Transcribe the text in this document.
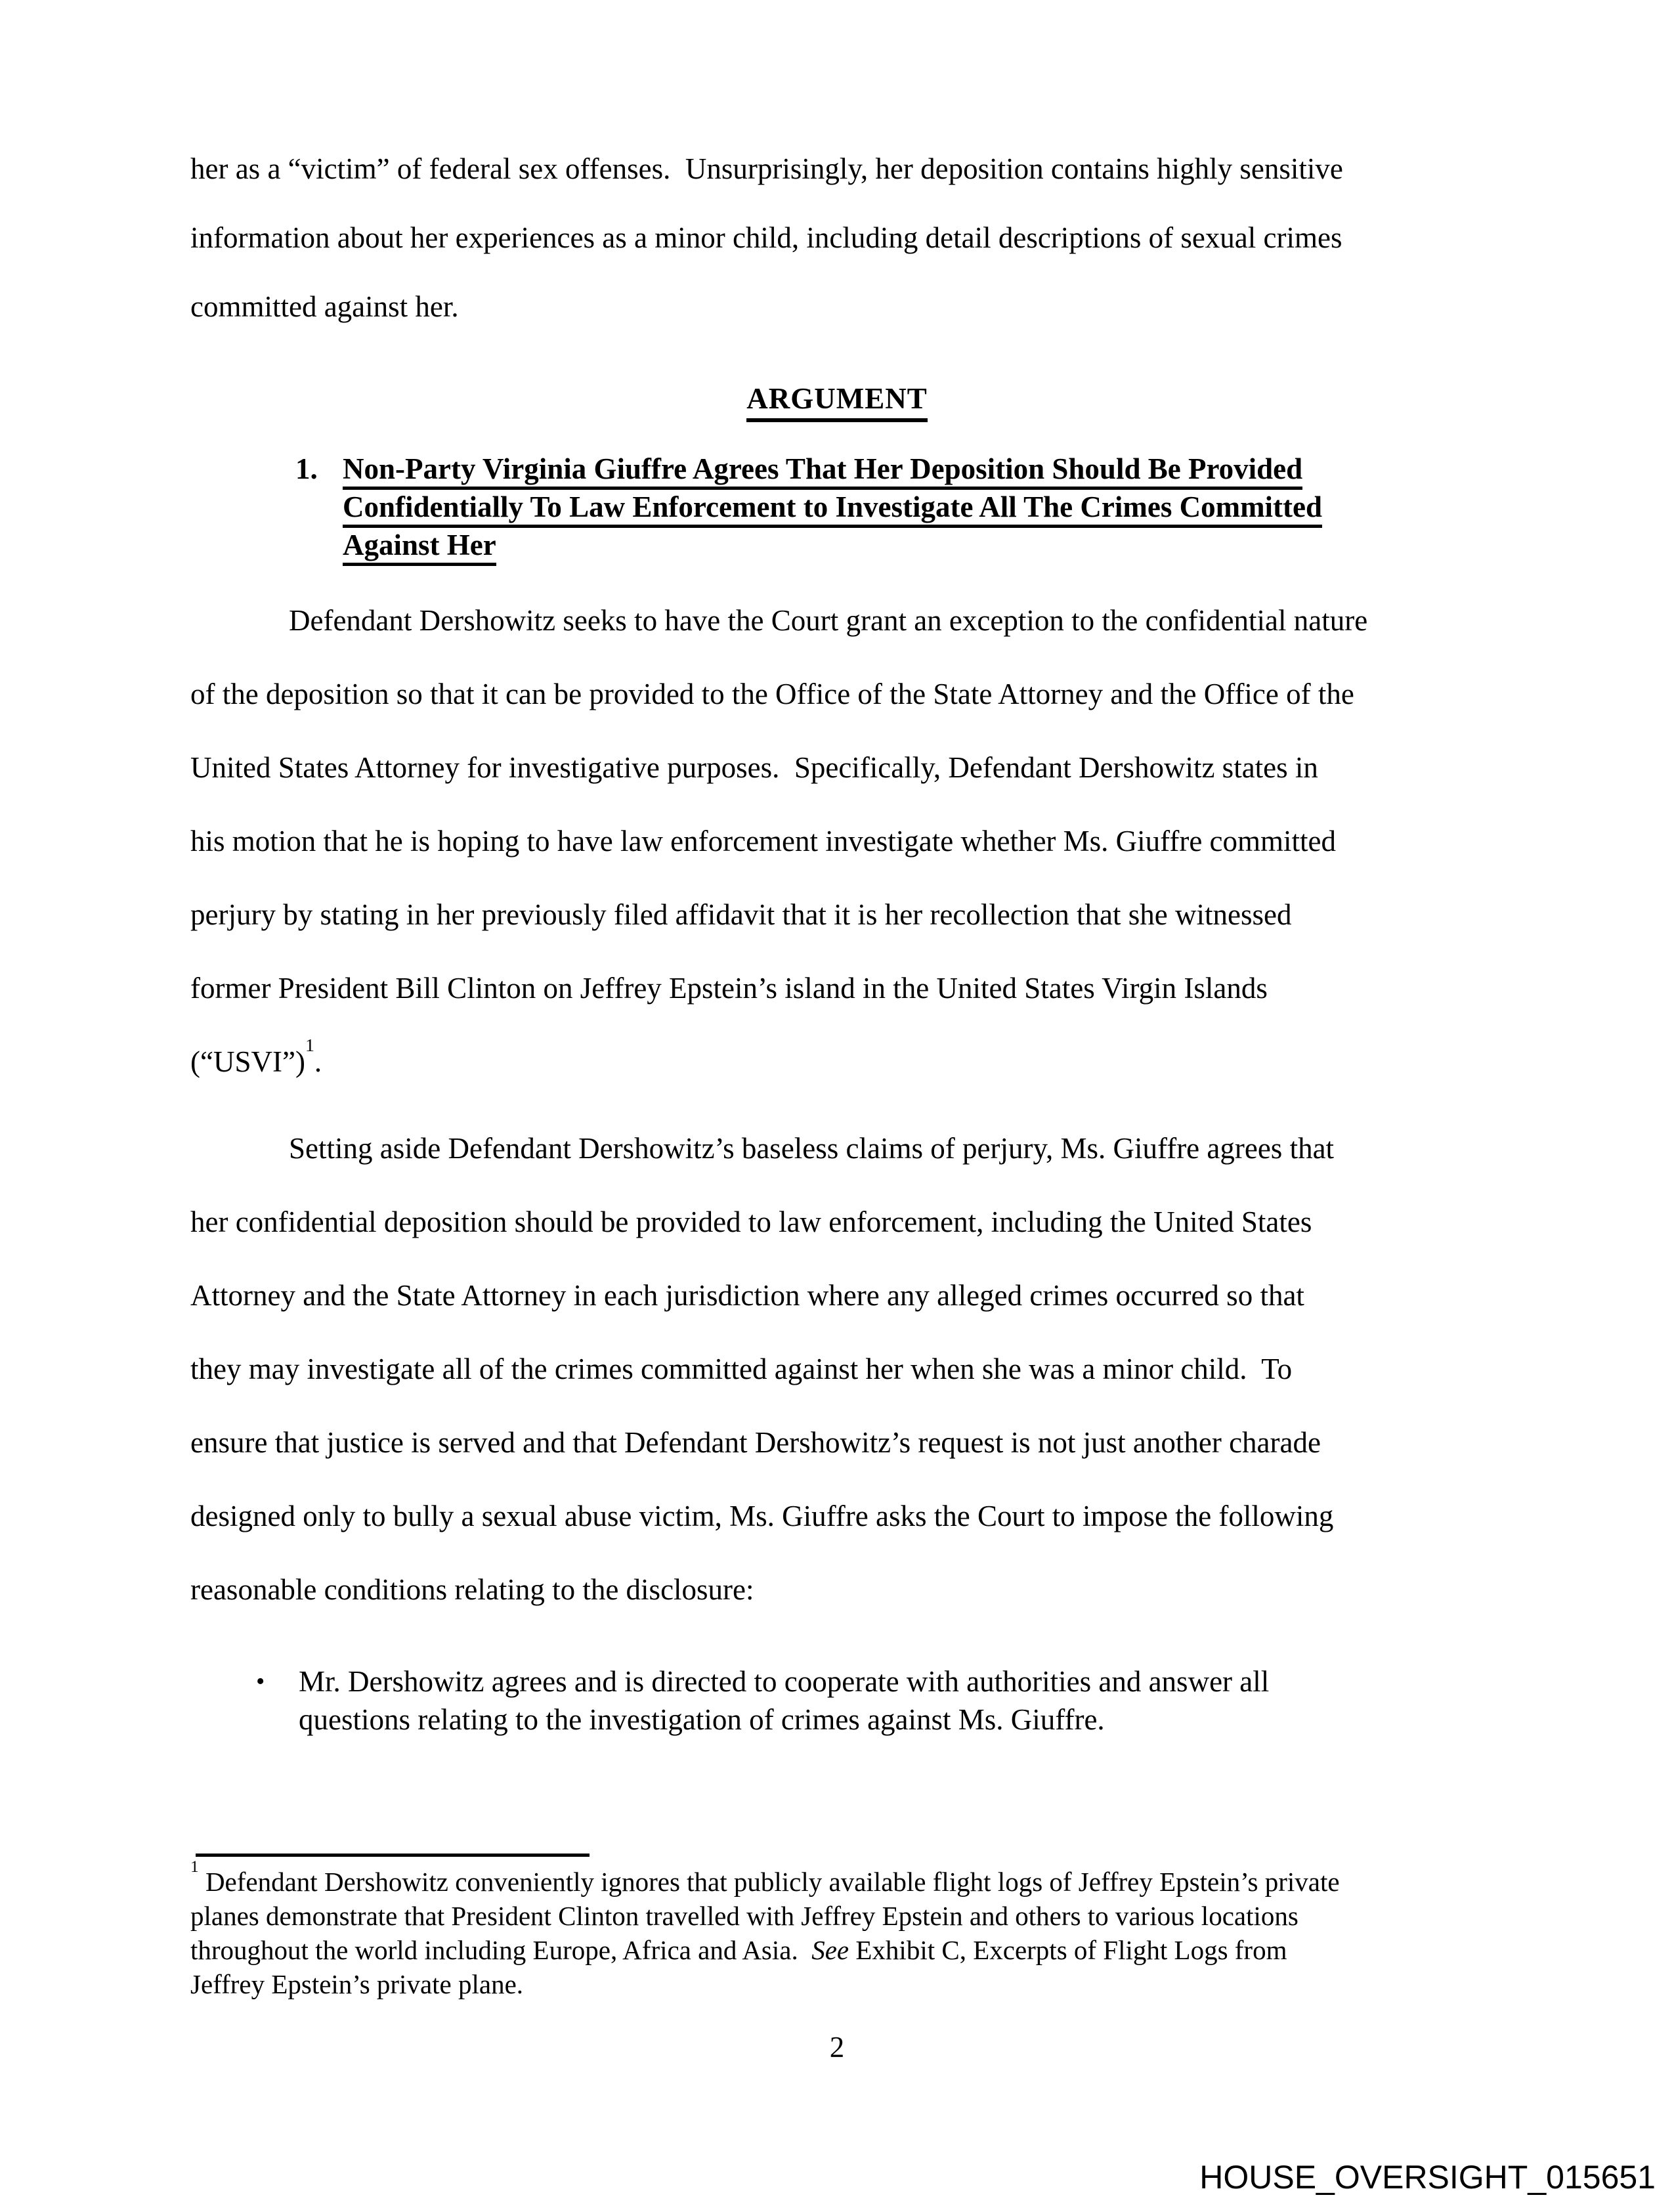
her as a “victim” of federal sex offenses.  Unsurprisingly, her deposition contains highly sensitive
information about her experiences as a minor child, including detail descriptions of sexual crimes
committed against her.
ARGUMENT
1. Non-Party Virginia Giuffre Agrees That Her Deposition Should Be Provided
Confidentially To Law Enforcement to Investigate All The Crimes Committed
Against Her
Defendant Dershowitz seeks to have the Court grant an exception to the confidential nature
of the deposition so that it can be provided to the Office of the State Attorney and the Office of the
United States Attorney for investigative purposes.  Specifically, Defendant Dershowitz states in
his motion that he is hoping to have law enforcement investigate whether Ms. Giuffre committed
perjury by stating in her previously filed affidavit that it is her recollection that she witnessed
former President Bill Clinton on Jeffrey Epstein’s island in the United States Virgin Islands
(“USVI”)$^1$.
Setting aside Defendant Dershowitz’s baseless claims of perjury, Ms. Giuffre agrees that
her confidential deposition should be provided to law enforcement, including the United States
Attorney and the State Attorney in each jurisdiction where any alleged crimes occurred so that
they may investigate all of the crimes committed against her when she was a minor child.  To
ensure that justice is served and that Defendant Dershowitz’s request is not just another charade
designed only to bully a sexual abuse victim, Ms. Giuffre asks the Court to impose the following
reasonable conditions relating to the disclosure:
•	Mr. Dershowitz agrees and is directed to cooperate with authorities and answer all
questions relating to the investigation of crimes against Ms. Giuffre.
$^1$ Defendant Dershowitz conveniently ignores that publicly available flight logs of Jeffrey Epstein’s private
planes demonstrate that President Clinton travelled with Jeffrey Epstein and others to various locations
throughout the world including Europe, Africa and Asia.  See Exhibit C, Excerpts of Flight Logs from
Jeffrey Epstein’s private plane.
2
HOUSE_OVERSIGHT_015651
